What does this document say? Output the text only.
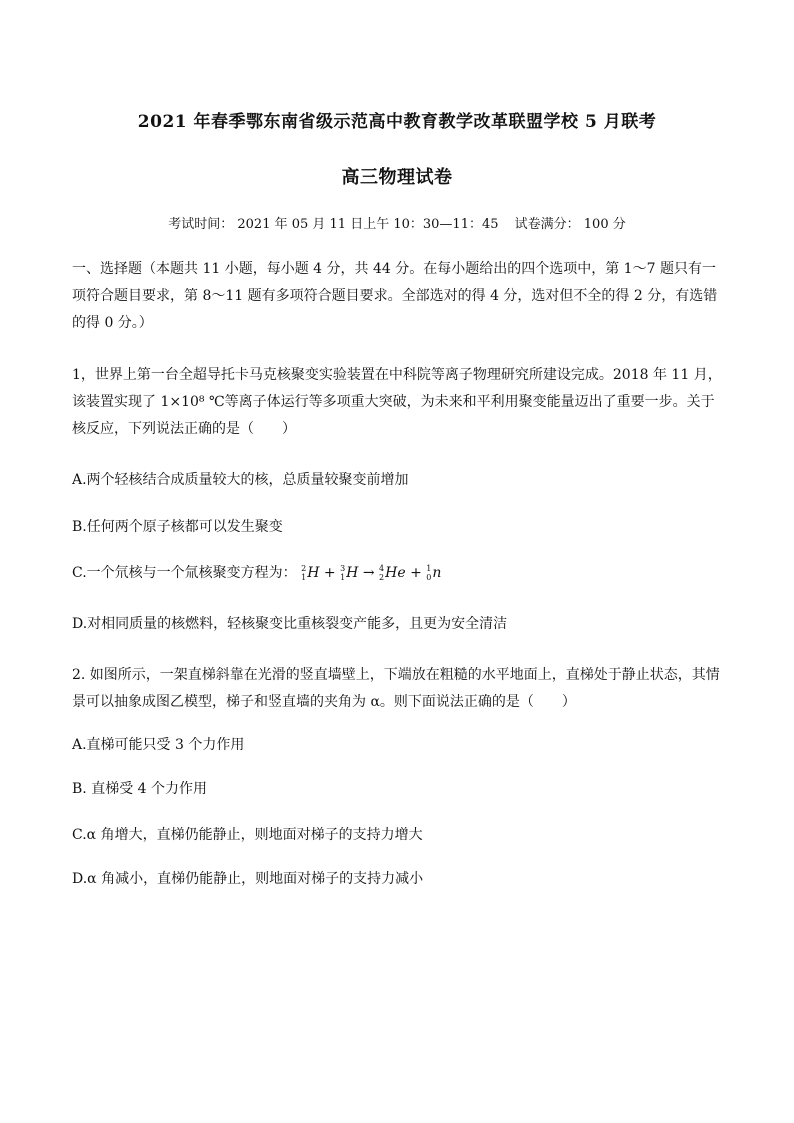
2021 年春季鄂东南省级示范高中教育教学改革联盟学校 5 月联考
高三物理试卷
考试时间： 2021 年 05 月 11 日上午 10：30—11：45 试卷满分： 100 分
一、选择题（本题共 11 小题，每小题 4 分，共 44 分。在每小题给出的四个选项中，第 1～7 题只有一项符合题目要求，第 8～11 题有多项符合题目要求。全部选对的得 4 分，选对但不全的得 2 分，有选错的得 0 分。）
1，世界上第一台全超导托卡马克核聚变实验装置在中科院等离子物理研究所建设完成。2018 年 11 月，该装置实现了 1×10⁸ ℃等离子体运行等多项重大突破，为未来和平利用聚变能量迈出了重要一步。关于核反应，下列说法正确的是（　　）
A.两个轻核结合成质量较大的核，总质量较聚变前增加
B.任何两个原子核都可以发生聚变
C.一个氘核与一个氚核聚变方程为： 2
1 H + 3
1 H → 4
2 He + 1
0 n
D.对相同质量的核燃料，轻核聚变比重核裂变产能多，且更为安全清洁
2. 如图所示，一架直梯斜靠在光滑的竖直墙壁上，下端放在粗糙的水平地面上，直梯处于静止状态，其情景可以抽象成图乙模型，梯子和竖直墙的夹角为 α。则下面说法正确的是（　　）
A.直梯可能只受 3 个力作用
B. 直梯受 4 个力作用
C.α 角增大，直梯仍能静止，则地面对梯子的支持力增大
D.α 角减小，直梯仍能静止，则地面对梯子的支持力减小
